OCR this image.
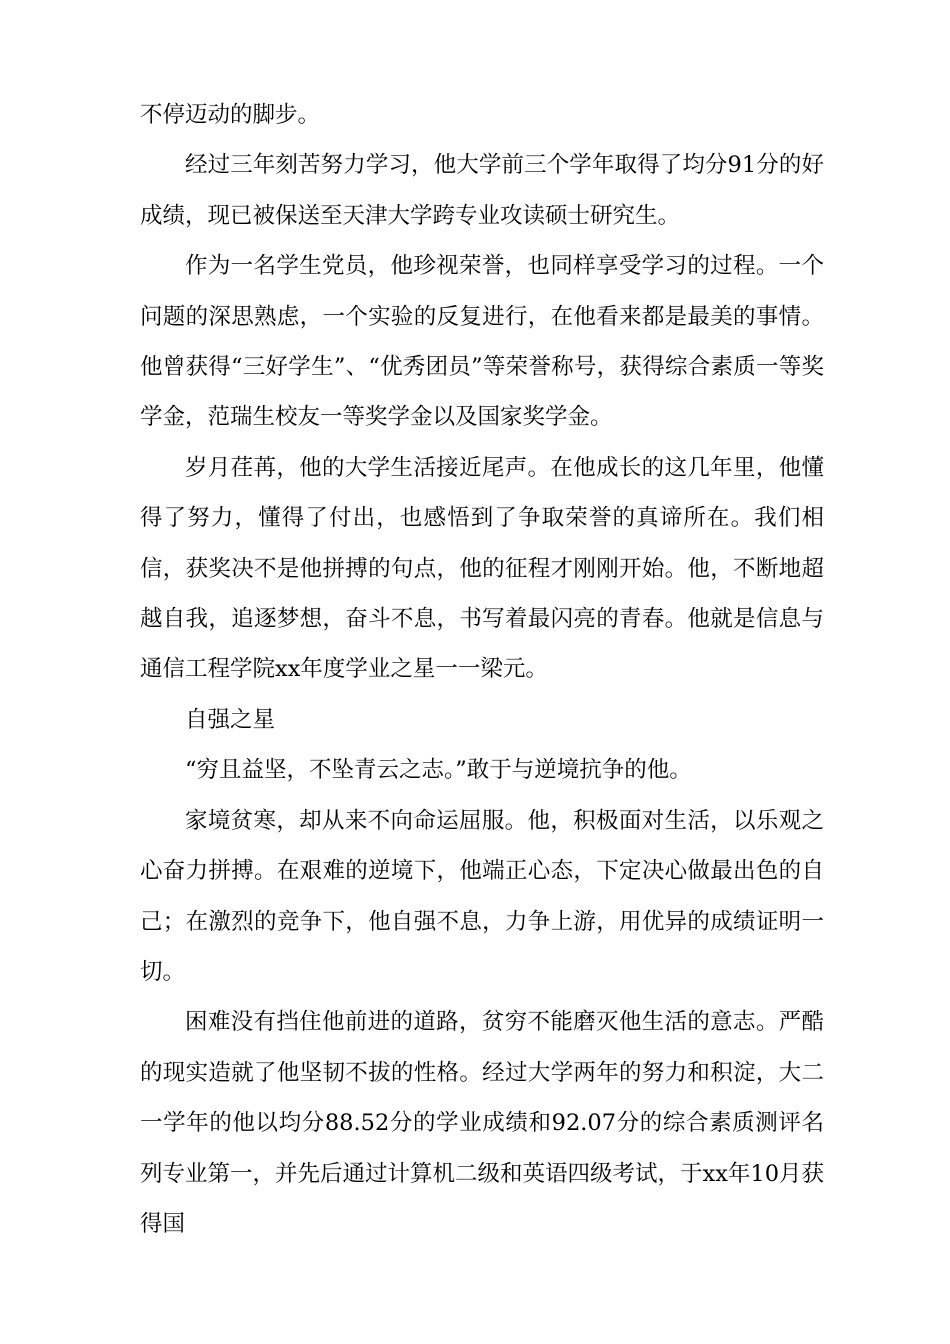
不停迈动的脚步。

经过三年刻苦努力学习，他大学前三个学年取得了均分91分的好成绩，现已被保送至天津大学跨专业攻读硕士研究生。

作为一名学生党员，他珍视荣誉，也同样享受学习的过程。一个问题的深思熟虑，一个实验的反复进行，在他看来都是最美的事情。他曾获得“三好学生”、“优秀团员”等荣誉称号，获得综合素质一等奖学金，范瑞生校友一等奖学金以及国家奖学金。

岁月荏苒，他的大学生活接近尾声。在他成长的这几年里，他懂得了努力，懂得了付出，也感悟到了争取荣誉的真谛所在。我们相信，获奖决不是他拼搏的句点，他的征程才刚刚开始。他，不断地超越自我，追逐梦想，奋斗不息，书写着最闪亮的青春。他就是信息与通信工程学院xx年度学业之星一一梁元。

自强之星

“穷且益坚，不坠青云之志。”敢于与逆境抗争的他。

家境贫寒，却从来不向命运屈服。他，积极面对生活，以乐观之心奋力拼搏。在艰难的逆境下，他端正心态，下定决心做最出色的自己；在激烈的竞争下，他自强不息，力争上游，用优异的成绩证明一切。

困难没有挡住他前进的道路，贫穷不能磨灭他生活的意志。严酷的现实造就了他坚韧不拔的性格。经过大学两年的努力和积淀，大二一学年的他以均分88.52分的学业成绩和92.07分的综合素质测评名列专业第一，并先后通过计算机二级和英语四级考试，于xx年10月获得国
